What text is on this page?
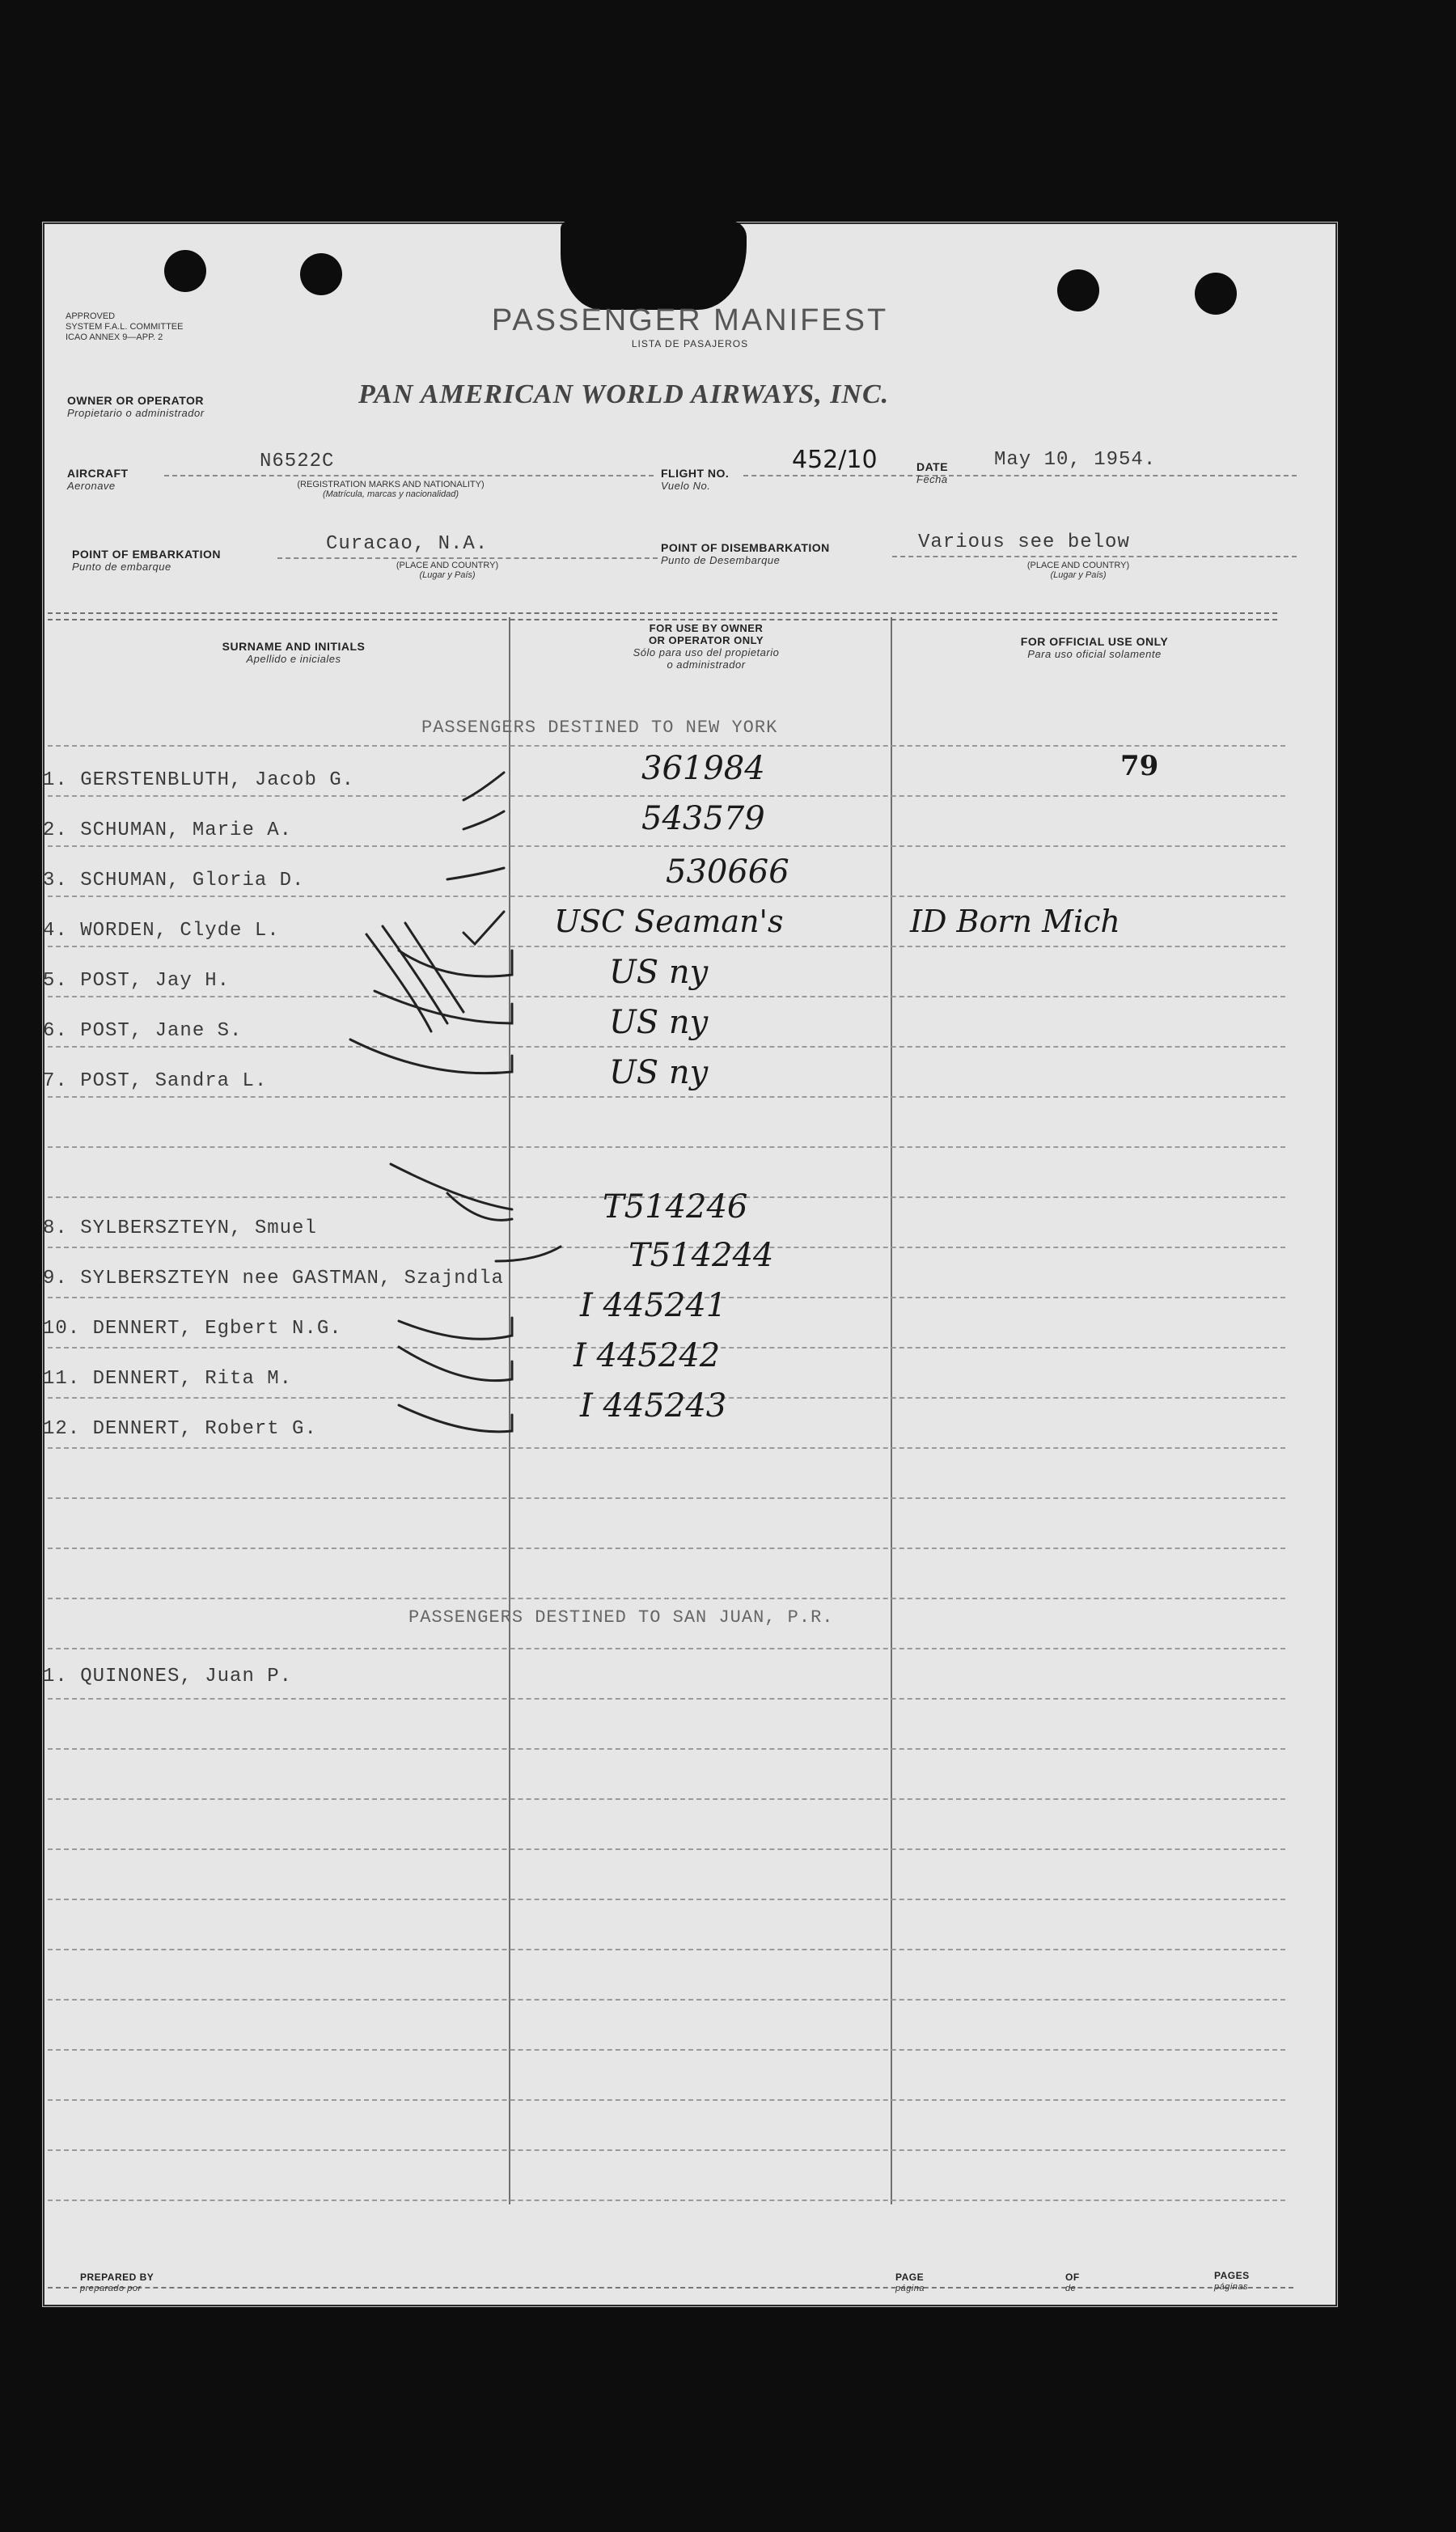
APPROVED
SYSTEM F.A.L. COMMITTEE
ICAO ANNEX 9—APP. 2	PASSENGER MANIFEST
LISTA DE PASAJEROS
OWNER OR OPERATOR
Propietario o administrador
PAN AMERICAN WORLD AIRWAYS, INC.
AIRCRAFT
Aeronave
N6522C
(REGISTRATION MARKS AND NATIONALITY)
(Matrícula, marcas y nacionalidad)
FLIGHT NO.
Vuelo No.
452/10	DATE
Fecha
May 10, 1954.
POINT OF EMBARKATION
Punto de embarque
Curacao, N.A.
(PLACE AND COUNTRY)
(Lugar y País)
POINT OF DISEMBARKATION
Punto de Desembarque
Various see below
(PLACE AND COUNTRY)
(Lugar y País)
SURNAME AND INITIALS
Apellido e iniciales
FOR USE BY OWNER
OR OPERATOR ONLY
Sólo para uso del propietario
o administrador
FOR OFFICIAL USE ONLY
Para uso oficial solamente
PASSENGERS DESTINED TO NEW YORK
PASSENGERS DESTINED TO SAN JUAN, P.R.
1. GERSTENBLUTH, Jacob G.
2. SCHUMAN, Marie A.
3. SCHUMAN, Gloria D.
4. WORDEN, Clyde L.
5. POST, Jay H.
6. POST, Jane S.
7. POST, Sandra L.
8. SYLBERSZTEYN, Smuel
9. SYLBERSZTEYN nee GASTMAN, Szajndla
10. DENNERT, Egbert N.G.
11. DENNERT, Rita M.
12. DENNERT, Robert G.
361984
543579
530666
USC Seaman's
US ny
US ny
US ny
T514246
T514244
I 445241
I 445242
I 445243
79
ID Born Mich
1. QUINONES, Juan P.
PREPARED BY
preparado por
PAGE
página
OF
de
PAGES
páginas
